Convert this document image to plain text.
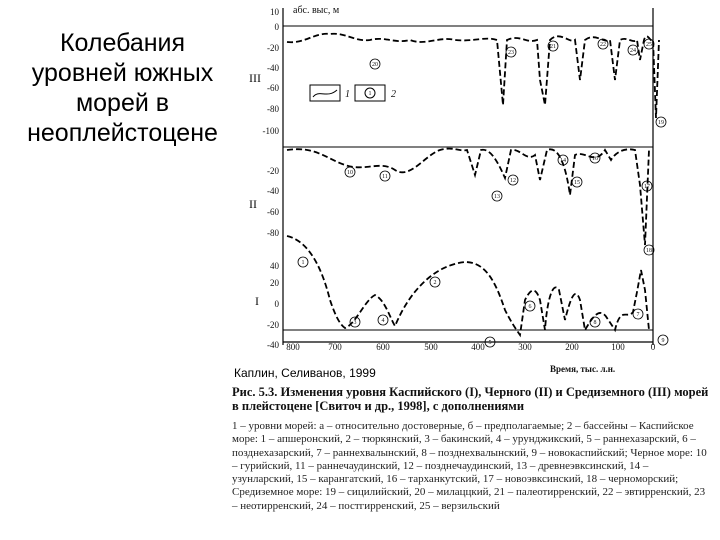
Колебания уровней южных морей в неоплейстоцене
абс. выс, м
III
10
0
-20
-40
-60
-80
-100
1	2
II
-20
-40
-60
-80
I
40
20
0
-20
-40 800	700	600	500	400	300	200	100	0
Время, тыс. л.н.
1
2
3	4
5
6
7
8
9
10
11
12
13
14
15
16
17
18
19
20
21	22
23	24
25
1
Каплин, Селиванов, 1999
Рис. 5.3. Изменения уровня Каспийского (I), Черного (II) и Средиземного (III) морей в плейстоцене [Свиточ и др., 1998], с дополнениями
1 – уровни морей: а – относительно достоверные, б – предполагаемые; 2 – бассейны – Каспийское море: 1 – апшеронский, 2 – тюркянский, 3 – бакинский, 4 – урунджикский, 5 – раннехазарский, 6 – позднехазарский, 7 – раннехвалынский, 8 – позднехвалынский, 9 – новокаспийский; Черное море: 10 – гурийский, 11 – раннечаудинский, 12 – позднечаудинский, 13 – древнеэвксинский, 14 – узунларский, 15 – карангатский, 16 – тарханкутский, 17 – новоэвксинский, 18 – черноморский; Средиземное море: 19 – сицилийский, 20 – милаццкий, 21 – палеотирренский, 22 – эвтирренский, 23 – неотирренский, 24 – постгирренский, 25 – верзильский
